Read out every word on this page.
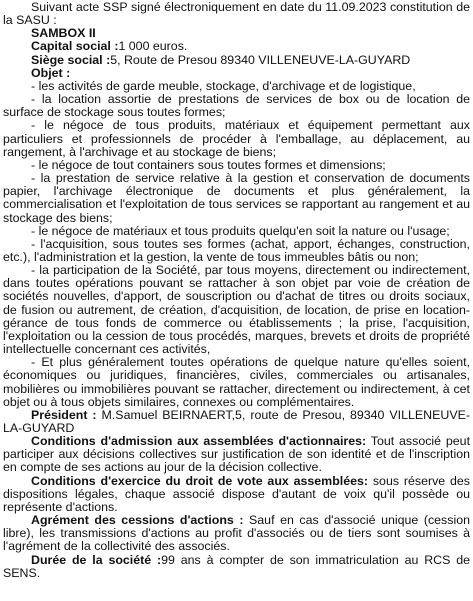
Suivant acte SSP signé électroniquement en date du 11.09.2023 constitution de la SASU :

SAMBOX II

Capital social :1 000 euros.

Siège social :5, Route de Presou 89340 VILLENEUVE-LA-GUYARD

Objet :

- les activités de garde meuble, stockage, d'archivage et de logistique,

- la location assortie de prestations de services de box ou de location de surface de stockage sous toutes formes;

- le négoce de tous produits, matériaux et équipement permettant aux particuliers et professionnels de procéder à l'emballage, au déplacement, au rangement, à l'archivage et au stockage de biens;

- le négoce de tout containers sous toutes formes et dimensions;

- la prestation de service relative à la gestion et conservation de documents papier, l'archivage électronique de documents et plus généralement, la commercialisation et l'exploitation de tous services se rapportant au rangement et au stockage des biens;

- le négoce de matériaux et tous produits quelqu'en soit la nature ou l'usage;

- l'acquisition, sous toutes ses formes (achat, apport, échanges, construction, etc.), l'administration et la gestion, la vente de tous immeubles bâtis ou non;

- la participation de la Société, par tous moyens, directement ou indirectement, dans toutes opérations pouvant se rattacher à son objet par voie de création de sociétés nouvelles, d'apport, de souscription ou d'achat de titres ou droits sociaux, de fusion ou autrement, de création, d'acquisition, de location, de prise en location-gérance de tous fonds de commerce ou établissements ; la prise, l'acquisition, l'exploitation ou la cession de tous procédés, marques, brevets et droits de propriété intellectuelle concernant ces activités,

- Et plus généralement toutes opérations de quelque nature qu'elles soient, économiques ou juridiques, financières, civiles, commerciales ou artisanales, mobilières ou immobilières pouvant se rattacher, directement ou indirectement, à cet objet ou à tous objets similaires, connexes ou complémentaires.

Président : M.Samuel BEIRNAERT,5, route de Presou, 89340 VILLENEUVE-LA-GUYARD

Conditions d'admission aux assemblées d'actionnaires: Tout associé peut participer aux décisions collectives sur justification de son identité et de l'inscription en compte de ses actions au jour de la décision collective.

Conditions d'exercice du droit de vote aux assemblées: sous réserve des dispositions légales, chaque associé dispose d'autant de voix qu'il possède ou représente d'actions.

Agrément des cessions d'actions : Sauf en cas d'associé unique (cession libre), les transmissions d'actions au profit d'associés ou de tiers sont soumises à l'agrément de la collectivité des associés.

Durée de la société :99 ans à compter de son immatriculation au RCS de SENS.
